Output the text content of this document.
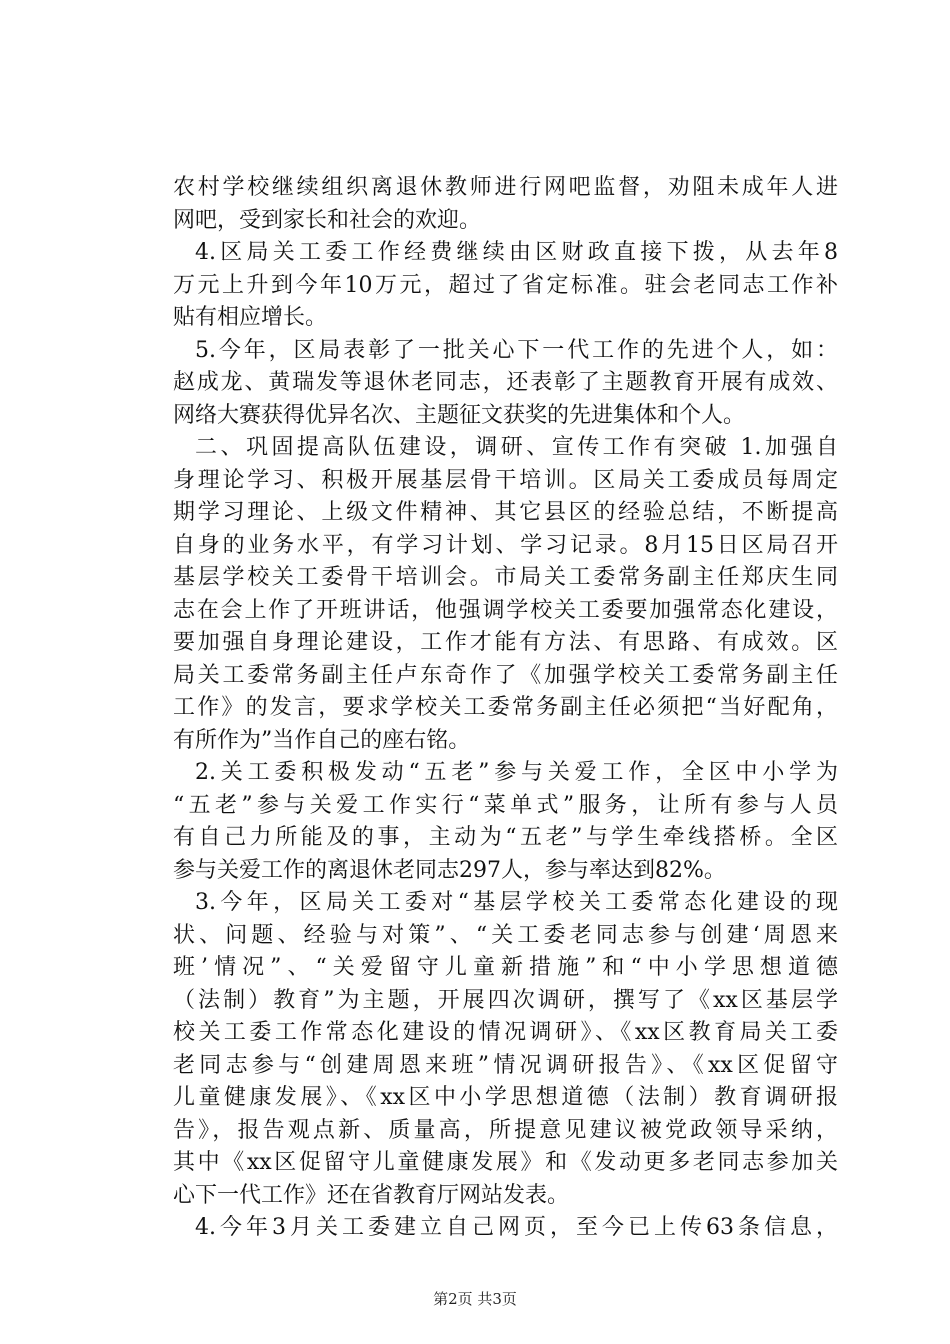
农村学校继续组织离退休教师进行网吧监督，劝阻未成年人进
网吧，受到家长和社会的欢迎。
4.区局关工委工作经费继续由区财政直接下拨，从去年8
万元上升到今年10万元，超过了省定标准。驻会老同志工作补
贴有相应增长。
5.今年，区局表彰了一批关心下一代工作的先进个人，如：
赵成龙、黄瑞发等退休老同志，还表彰了主题教育开展有成效、
网络大赛获得优异名次、主题征文获奖的先进集体和个人。
二、巩固提高队伍建设，调研、宣传工作有突破 1.加强自
身理论学习、积极开展基层骨干培训。区局关工委成员每周定
期学习理论、上级文件精神、其它县区的经验总结，不断提高
自身的业务水平，有学习计划、学习记录。8月15日区局召开
基层学校关工委骨干培训会。市局关工委常务副主任郑庆生同
志在会上作了开班讲话，他强调学校关工委要加强常态化建设，
要加强自身理论建设，工作才能有方法、有思路、有成效。区
局关工委常务副主任卢东奇作了《加强学校关工委常务副主任
工作》的发言，要求学校关工委常务副主任必须把“当好配角，
有所作为”当作自己的座右铭。
2.关工委积极发动“五老”参与关爱工作，全区中小学为
“五老”参与关爱工作实行“菜单式”服务，让所有参与人员
有自己力所能及的事，主动为“五老”与学生牵线搭桥。全区
参与关爱工作的离退休老同志297人，参与率达到82%。
3.今年，区局关工委对“基层学校关工委常态化建设的现
状、问题、经验与对策”、“关工委老同志参与创建‘周恩来
班’情况”、“关爱留守儿童新措施”和“中小学思想道德
（法制）教育”为主题，开展四次调研，撰写了《xx区基层学
校关工委工作常态化建设的情况调研》、《xx区教育局关工委
老同志参与“创建周恩来班”情况调研报告》、《xx区促留守
儿童健康发展》、《xx区中小学思想道德（法制）教育调研报
告》，报告观点新、质量高，所提意见建议被党政领导采纳，
其中《xx区促留守儿童健康发展》和《发动更多老同志参加关
心下一代工作》还在省教育厅网站发表。
4.今年3月关工委建立自己网页，至今已上传63条信息，
第2页 共3页
